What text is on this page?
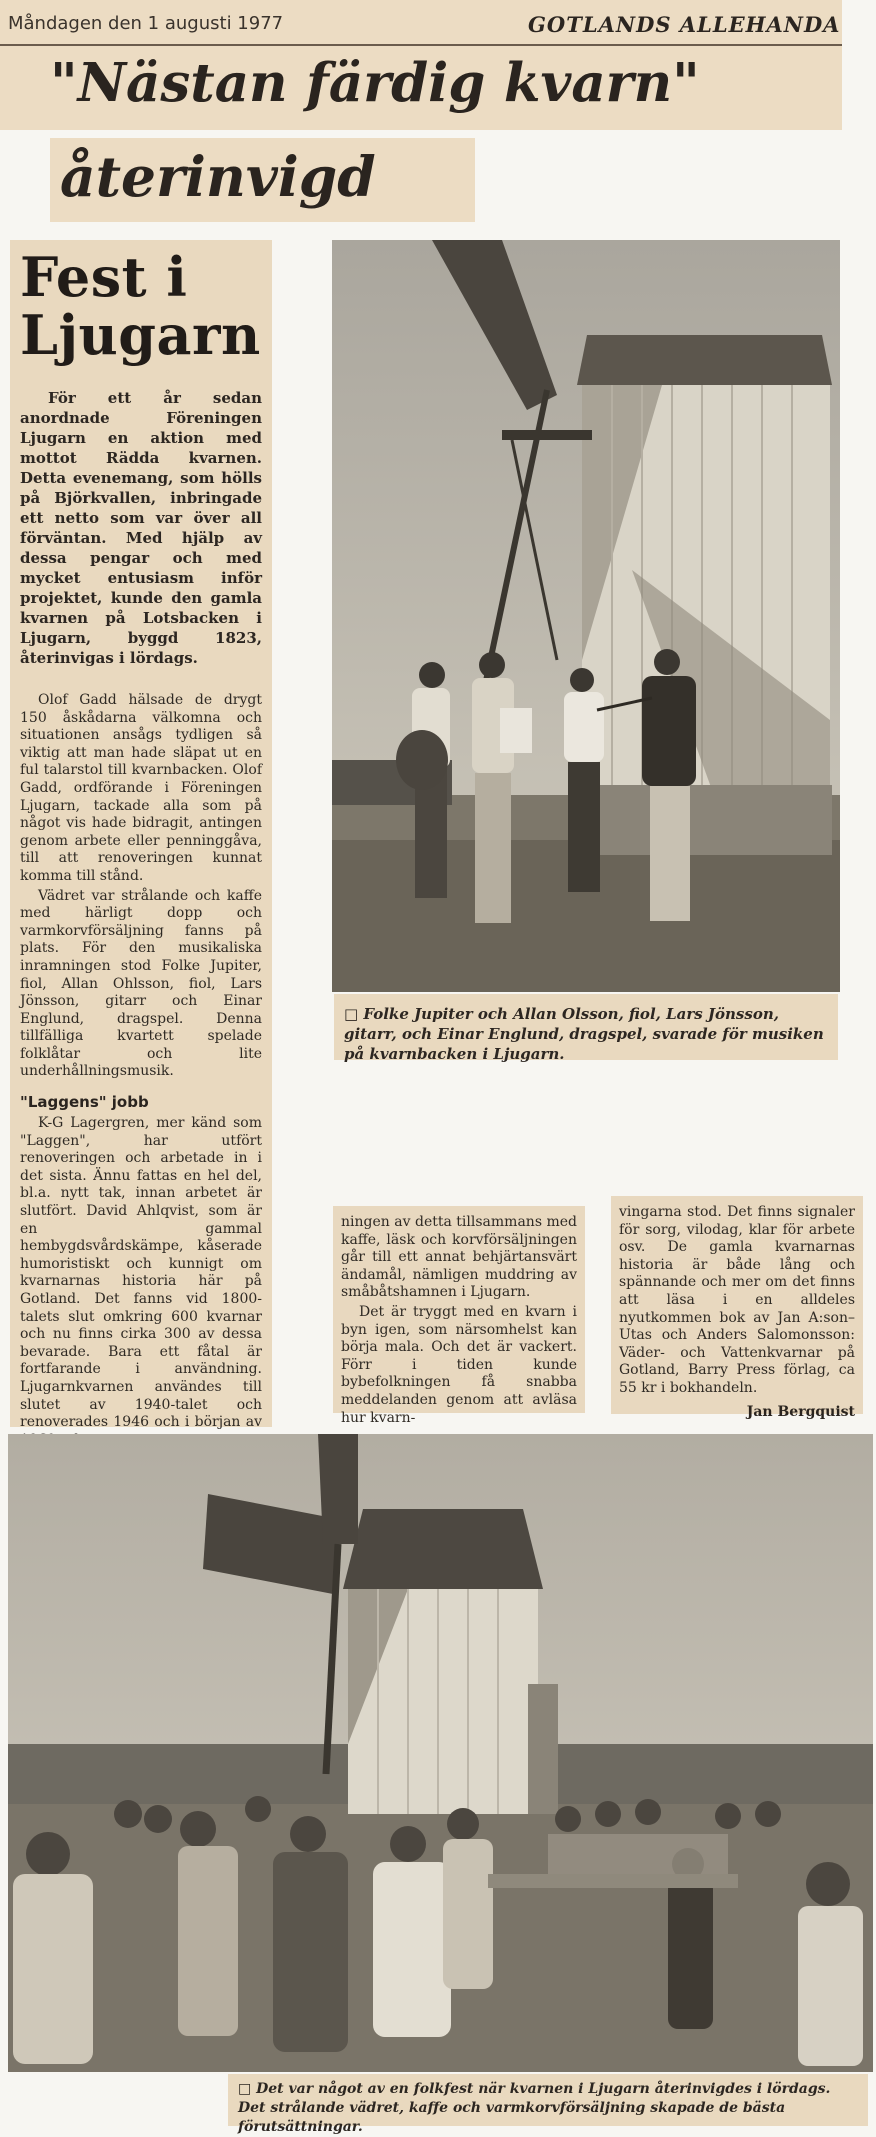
Måndagen den 1 augusti 1977	GOTLANDS ALLEHANDA
"Nästan färdig kvarn"
återinvigd
Fest i Ljugarn

För ett år sedan anordnade Föreningen Ljugarn en aktion med mottot Rädda kvarnen. Detta evenemang, som hölls på Björkvallen, inbringade ett netto som var över all förväntan. Med hjälp av dessa pengar och med mycket entusiasm inför projektet, kunde den gamla kvarnen på Lotsbacken i Ljugarn, byggd 1823, återinvigas i lördags.

Olof Gadd hälsade de drygt 150 åskådarna välkomna och situationen ansågs tydligen så viktig att man hade släpat ut en ful talarstol till kvarnbacken. Olof Gadd, ordförande i Föreningen Ljugarn, tackade alla som på något vis hade bidragit, antingen genom arbete eller penninggåva, till att renoveringen kunnat komma till stånd.

Vädret var strålande och kaffe med härligt dopp och varmkorvförsäljning fanns på plats. För den musikaliska inramningen stod Folke Jupiter, fiol, Allan Ohlsson, fiol, Lars Jönsson, gitarr och Einar Englund, dragspel. Denna tillfälliga kvartett spelade folklåtar och lite underhållningsmusik.

"Laggens" jobb

K-G Lagergren, mer känd som "Laggen", har utfört renoveringen och arbetade in i det sista. Ännu fattas en hel del, bl.a. nytt tak, innan arbetet är slutfört. David Ahlqvist, som är en gammal hembygdsvårdskämpe, kåserade humoristiskt och kunnigt om kvarnarnas historia här på Gotland. Det fanns vid 1800-talets slut omkring 600 kvarnar och nu finns cirka 300 av dessa bevarade. Bara ett fåtal är fortfarande i användning. Ljugarnkvarnen användes till slutet av 1940-talet och renoverades 1946 och i början av

□ Folke Jupiter och Allan Olsson, fiol, Lars Jönsson, gitarr, och Einar Englund, dragspel, svarade för musiken på kvarnbacken i Ljugarn.

ningen av detta tillsammans med kaffe, läsk och korvförsäljningen går till ett annat behjärtansvärt ändamål, nämligen muddring av småbåtshamnen i Ljugarn.

Det är tryggt med en kvarn i byn igen, som närsomhelst kan börja mala. Och det är vackert. Förr i tiden kunde bybefolkningen få snabba meddelanden genom att avläsa hur kvarn-

vingarna stod. Det finns signaler för sorg, vilodag, klar för arbete osv. De gamla kvarnarnas historia är både lång och spännande och mer om det finns att läsa i en alldeles nyutkommen bok av Jan A:son–Utas och Anders Salomonsson: Väder- och Vattenkvarnar på Gotland, Barry Press förlag, ca 55 kr i bokhandeln.

Jan Bergquist

□ Det var något av en folkfest när kvarnen i Ljugarn återinvigdes i lördags. Det strålande vädret, kaffe och varmkorvförsäljning skapade de bästa förutsättningar.
